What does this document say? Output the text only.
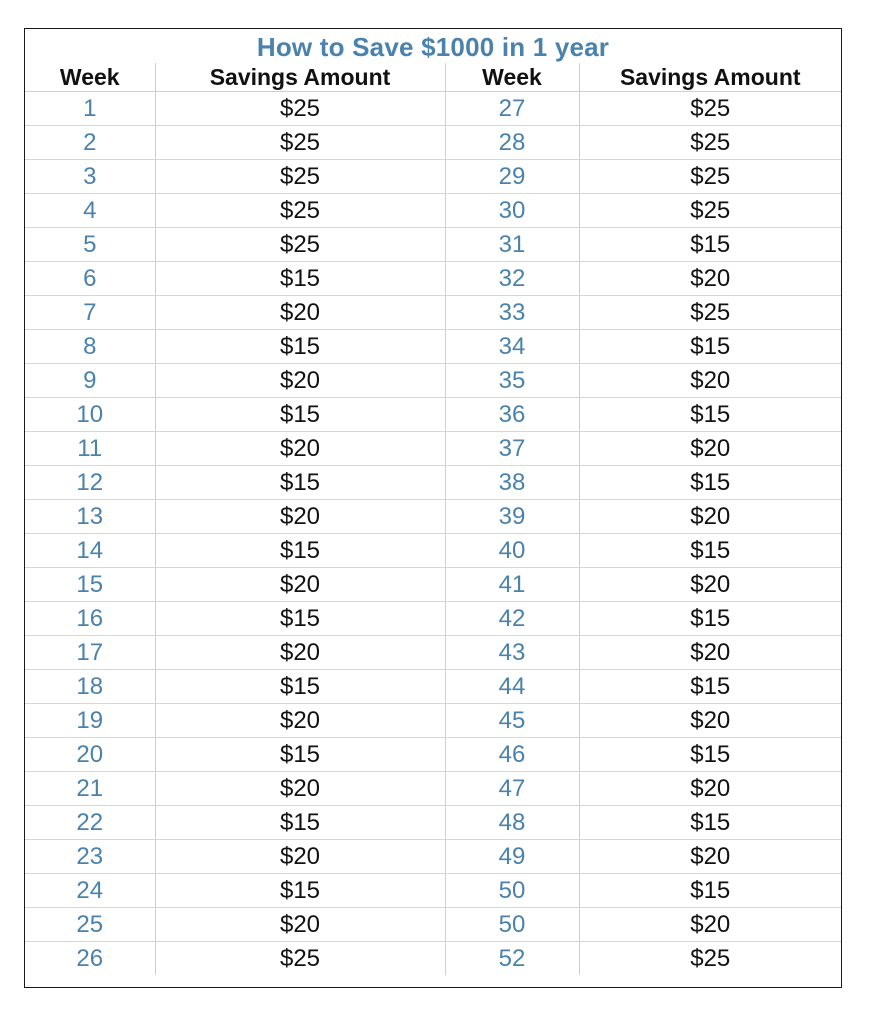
How to Save $1000 in 1 year
Week	Savings Amount	Week	Savings Amount
1	$25	27	$25
2	$25	28	$25
3	$25	29	$25
4	$25	30	$25
5	$25	31	$15
6	$15	32	$20
7	$20	33	$25
8	$15	34	$15
9	$20	35	$20
10	$15	36	$15
11	$20	37	$20
12	$15	38	$15
13	$20	39	$20
14	$15	40	$15
15	$20	41	$20
16	$15	42	$15
17	$20	43	$20
18	$15	44	$15
19	$20	45	$20
20	$15	46	$15
21	$20	47	$20
22	$15	48	$15
23	$20	49	$20
24	$15	50	$15
25	$20	50	$20
26	$25	52	$25
